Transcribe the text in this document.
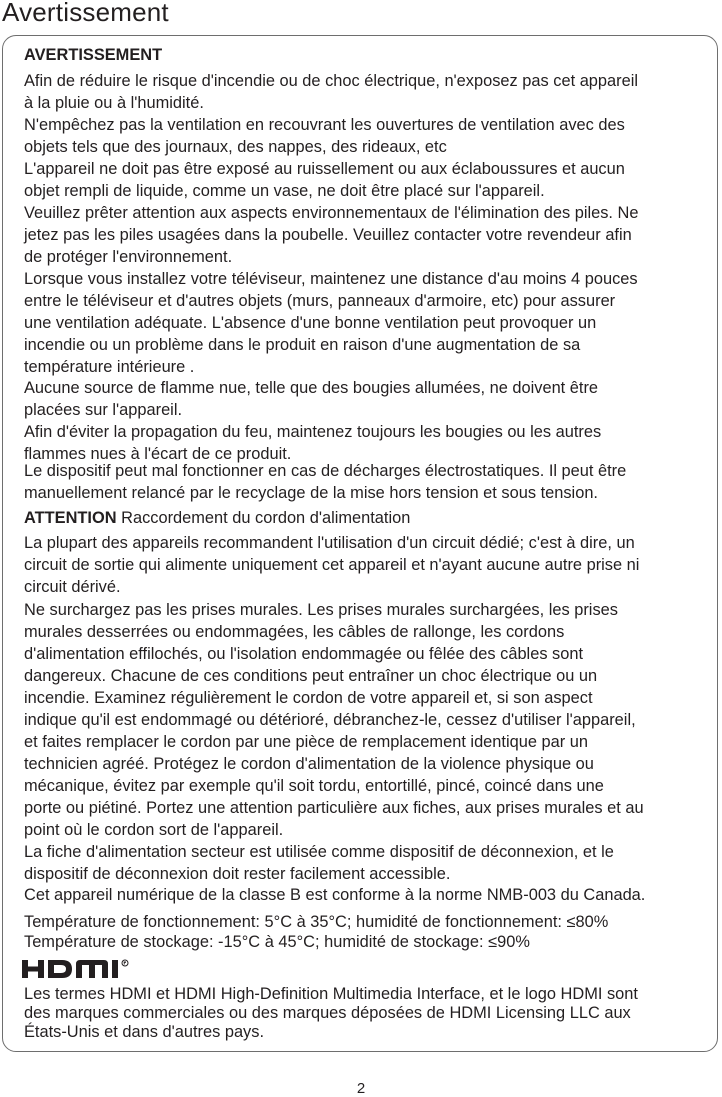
Avertissement
AVERTISSEMENT
Afin de réduire le risque d'incendie ou de choc électrique, n'exposez pas cet appareil
à la pluie ou à l'humidité.
N'empêchez pas la ventilation en recouvrant les ouvertures de ventilation avec des
objets tels que des journaux, des nappes, des rideaux, etc
L'appareil ne doit pas être exposé au ruissellement ou aux éclaboussures et aucun
objet rempli de liquide, comme un vase, ne doit être placé sur l'appareil.
Veuillez prêter attention aux aspects environnementaux de l'élimination des piles. Ne
jetez pas les piles usagées dans la poubelle. Veuillez contacter votre revendeur afin
de protéger l'environnement.
Lorsque vous installez votre téléviseur, maintenez une distance d'au moins 4 pouces
entre le téléviseur et d'autres objets (murs, panneaux d'armoire, etc) pour assurer
une ventilation adéquate. L'absence d'une bonne ventilation peut provoquer un
incendie ou un problème dans le produit en raison d'une augmentation de sa
température intérieure .
Aucune source de flamme nue, telle que des bougies allumées, ne doivent être
placées sur l'appareil.
Afin d'éviter la propagation du feu, maintenez toujours les bougies ou les autres
flammes nues à l'écart de ce produit.
Le dispositif peut mal fonctionner en cas de décharges électrostatiques. Il peut être
manuellement relancé par le recyclage de la mise hors tension et sous tension.
ATTENTION Raccordement du cordon d'alimentation
La plupart des appareils recommandent l'utilisation d'un circuit dédié; c'est à dire, un
circuit de sortie qui alimente uniquement cet appareil et n'ayant aucune autre prise ni
circuit dérivé.
Ne surchargez pas les prises murales. Les prises murales surchargées, les prises
murales desserrées ou endommagées, les câbles de rallonge, les cordons
d'alimentation effilochés, ou l'isolation endommagée ou fêlée des câbles sont
dangereux. Chacune de ces conditions peut entraîner un choc électrique ou un
incendie. Examinez régulièrement le cordon de votre appareil et, si son aspect
indique qu'il est endommagé ou détérioré, débranchez-le, cessez d'utiliser l'appareil,
et faites remplacer le cordon par une pièce de remplacement identique par un
technicien agréé. Protégez le cordon d'alimentation de la violence physique ou
mécanique, évitez par exemple qu'il soit tordu, entortillé, pincé, coincé dans une
porte ou piétiné. Portez une attention particulière aux fiches, aux prises murales et au
point où le cordon sort de l'appareil.
La fiche d'alimentation secteur est utilisée comme dispositif de déconnexion, et le
dispositif de déconnexion doit rester facilement accessible.
Cet appareil numérique de la classe B est conforme à la norme NMB-003 du Canada.
Température de fonctionnement: 5°C à 35°C; humidité de fonctionnement: ≤80%
Température de stockage: -15°C à 45°C; humidité de stockage: ≤90%
Les termes HDMI et HDMI High-Definition Multimedia Interface, et le logo HDMI sont
des marques commerciales ou des marques déposées de HDMI Licensing LLC aux
États-Unis et dans d'autres pays.
2
